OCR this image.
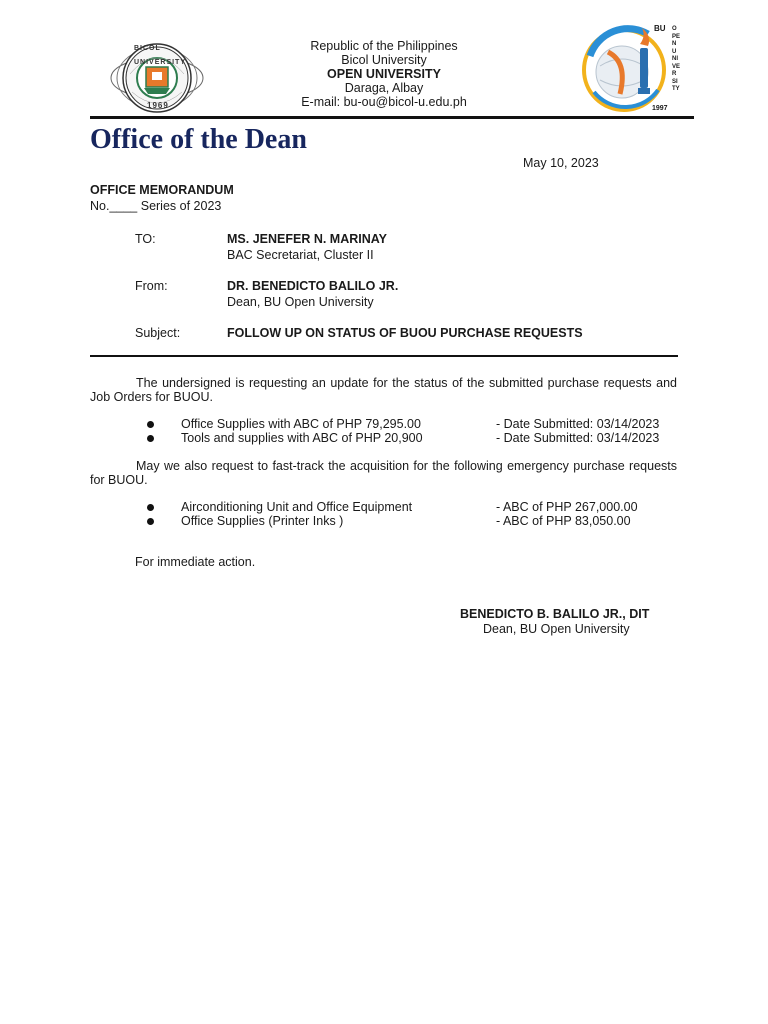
BICOL UNIVERSITY
1969
Republic of the Philippines
Bicol University
OPEN UNIVERSITY
Daraga, Albay
E-mail: bu-ou@bicol-u.edu.ph
BU OPEN UNIVERSITY
1997
Office of the Dean
May 10, 2023
OFFICE MEMORANDUM
No.____ Series of 2023
TO:	MS. JENEFER N. MARINAY
BAC Secretariat, Cluster II
From:	DR. BENEDICTO BALILO JR.
Dean, BU Open University
Subject:	FOLLOW UP ON STATUS OF BUOU PURCHASE REQUESTS
The undersigned is requesting an update for the status of the submitted purchase requests and Job Orders for BUOU.
Office Supplies with ABC of PHP 79,295.00	- Date Submitted: 03/14/2023
Tools and supplies with ABC of PHP 20,900	- Date Submitted: 03/14/2023
May we also request to fast-track the acquisition for the following emergency purchase requests for BUOU.
Airconditioning Unit and Office Equipment	- ABC of PHP 267,000.00
Office Supplies (Printer Inks )	- ABC of PHP 83,050.00
For immediate action.
BENEDICTO B. BALILO JR., DIT
Dean, BU Open University
